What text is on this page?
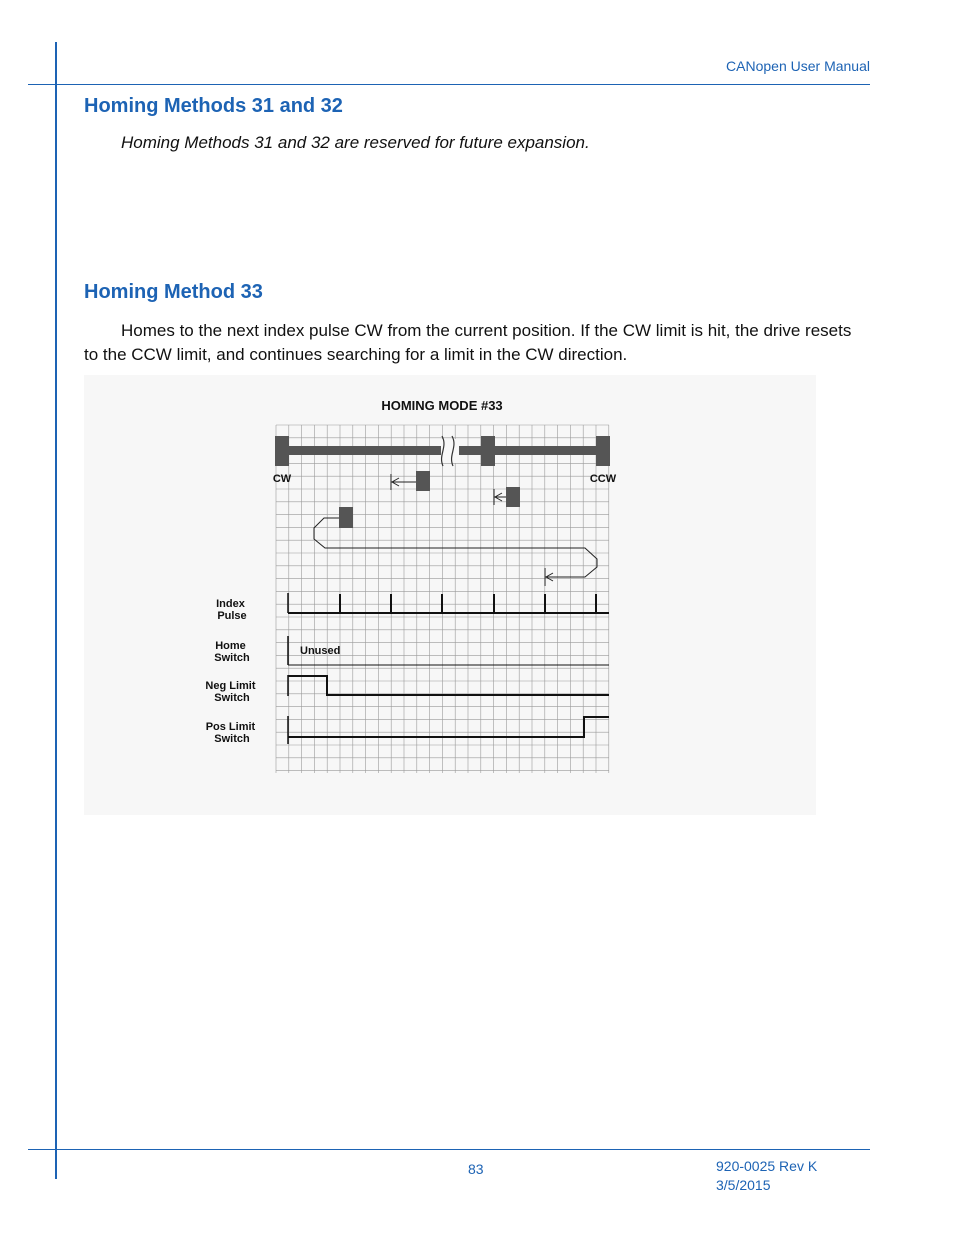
CANopen User Manual
Homing Methods 31 and 32

Homing Methods 31 and 32 are reserved for future expansion.

Homing Method 33

Homes to the next index pulse CW from the current position. If the CW limit is hit, the drive resets to the CCW limit, and continues searching for a limit in the CW direction.

HOMING MODE #33
CW	CCW
Unused
Index Pulse
Home Switch
Neg Limit Switch
Pos Limit Switch
83	920-0025 Rev K
3/5/2015
